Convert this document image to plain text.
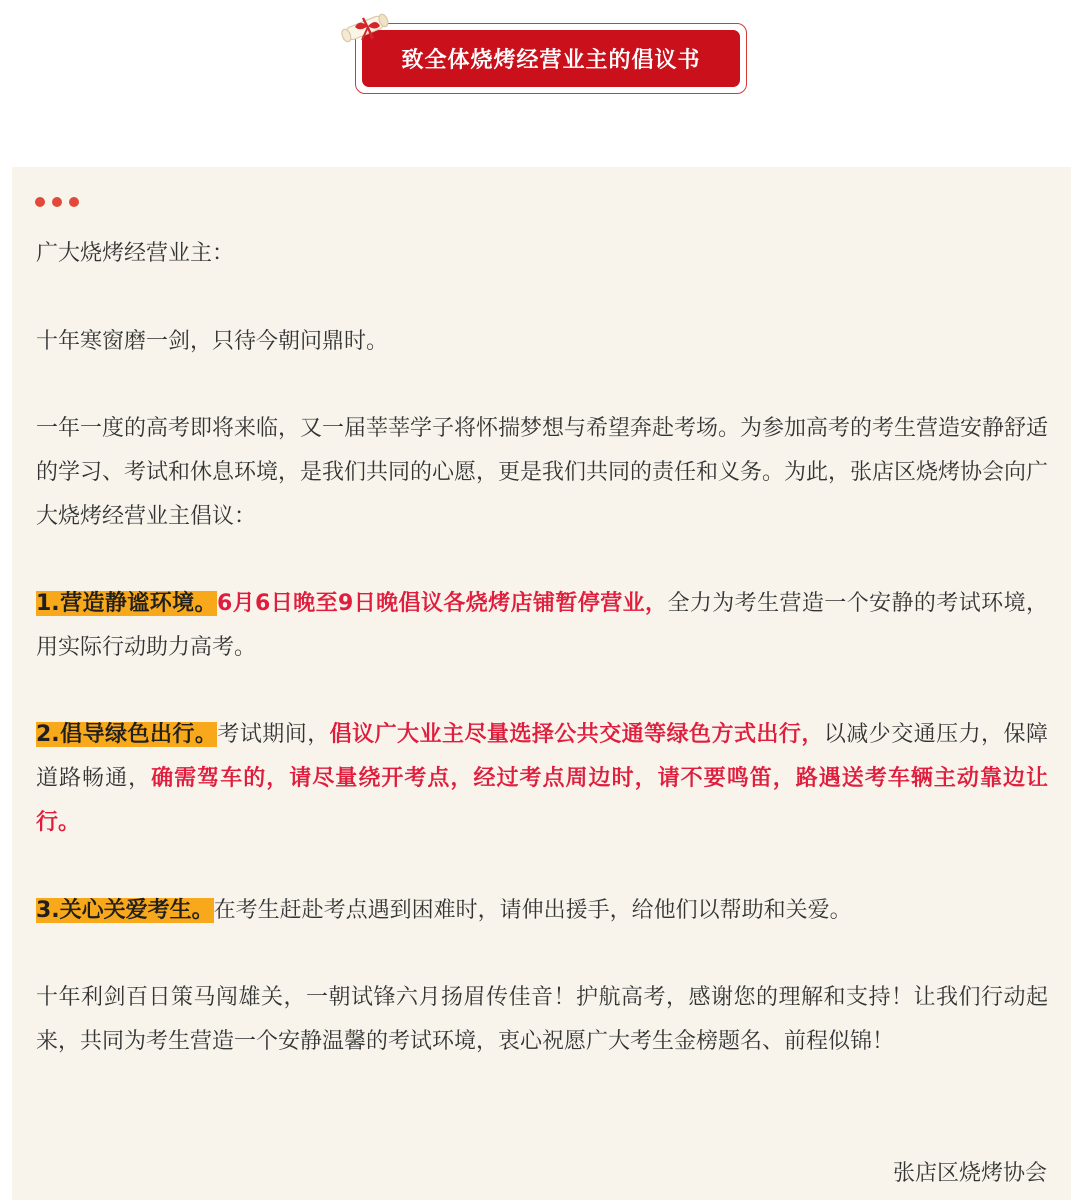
致全体烧烤经营业主的倡议书

广大烧烤经营业主：

十年寒窗磨一剑，只待今朝问鼎时。

一年一度的高考即将来临，又一届莘莘学子将怀揣梦想与希望奔赴考场。为参加高考的考生营造安静舒适的学习、考试和休息环境，是我们共同的心愿，更是我们共同的责任和义务。为此，张店区烧烤协会向广大烧烤经营业主倡议：

1.营造静谧环境。6月6日晚至9日晚倡议各烧烤店铺暂停营业，全力为考生营造一个安静的考试环境，用实际行动助力高考。

2.倡导绿色出行。考试期间，倡议广大业主尽量选择公共交通等绿色方式出行，以减少交通压力，保障道路畅通，确需驾车的，请尽量绕开考点，经过考点周边时，请不要鸣笛，路遇送考车辆主动靠边让行。

3.关心关爱考生。在考生赶赴考点遇到困难时，请伸出援手，给他们以帮助和关爱。

十年利剑百日策马闯雄关，一朝试锋六月扬眉传佳音！护航高考，感谢您的理解和支持！让我们行动起来，共同为考生营造一个安静温馨的考试环境，衷心祝愿广大考生金榜题名、前程似锦！

张店区烧烤协会
